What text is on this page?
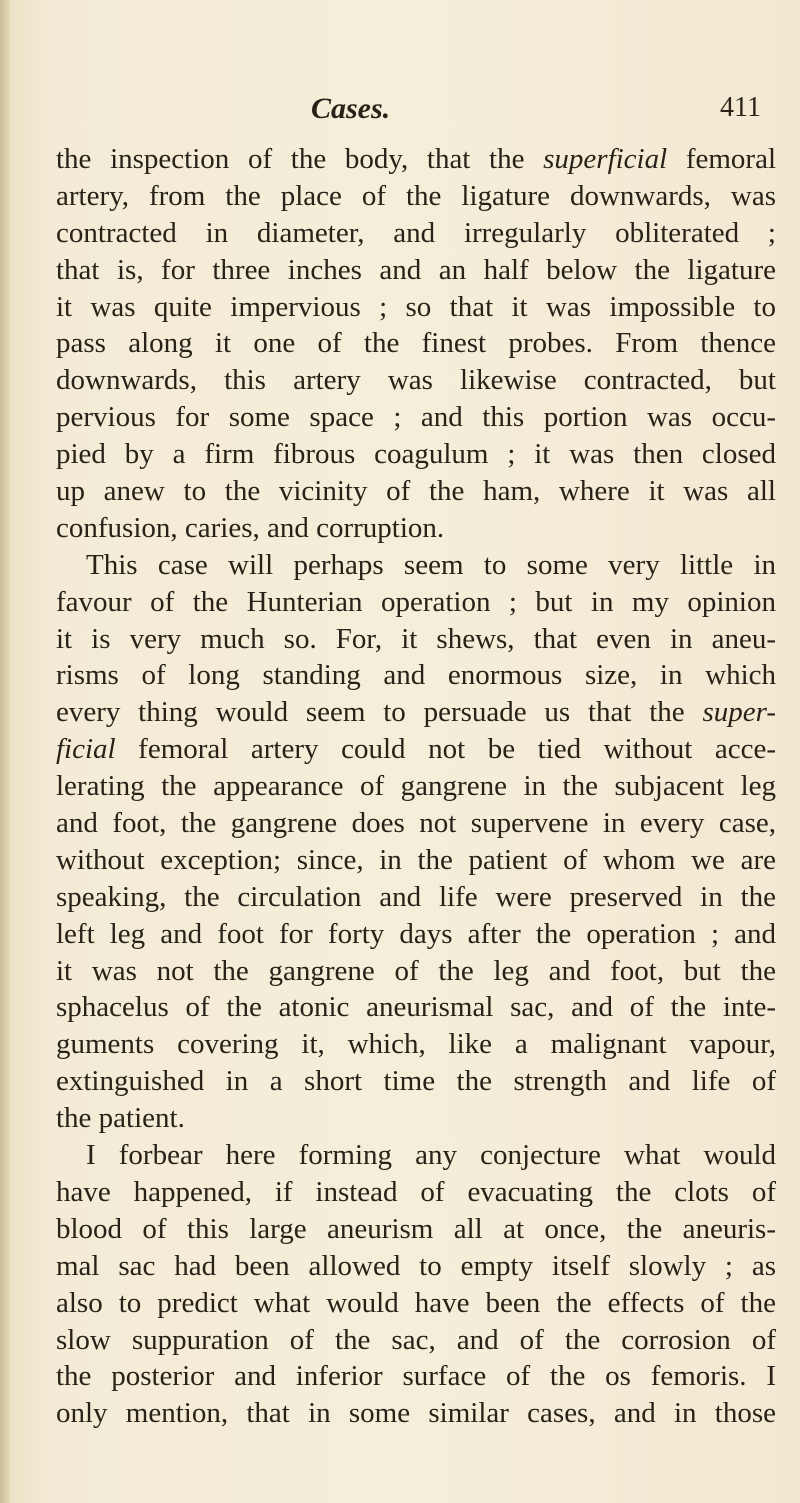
Cases.	411
the inspection of the body, that the superficial femoral
artery, from the place of the ligature downwards, was
contracted in diameter, and irregularly obliterated ;
that is, for three inches and an half below the ligature
it was quite impervious ; so that it was impossible to
pass along it one of the finest probes. From thence
downwards, this artery was likewise contracted, but
pervious for some space ; and this portion was occu-
pied by a firm fibrous coagulum ; it was then closed
up anew to the vicinity of the ham, where it was all
confusion, caries, and corruption.
This case will perhaps seem to some very little in
favour of the Hunterian operation ; but in my opinion
it is very much so. For, it shews, that even in aneu-
risms of long standing and enormous size, in which
every thing would seem to persuade us that the super-
ficial femoral artery could not be tied without acce-
lerating the appearance of gangrene in the subjacent leg
and foot, the gangrene does not supervene in every case,
without exception; since, in the patient of whom we are
speaking, the circulation and life were preserved in the
left leg and foot for forty days after the operation ; and
it was not the gangrene of the leg and foot, but the
sphacelus of the atonic aneurismal sac, and of the inte-
guments covering it, which, like a malignant vapour,
extinguished in a short time the strength and life of
the patient.
I forbear here forming any conjecture what would
have happened, if instead of evacuating the clots of
blood of this large aneurism all at once, the aneuris-
mal sac had been allowed to empty itself slowly ; as
also to predict what would have been the effects of the
slow suppuration of the sac, and of the corrosion of
the posterior and inferior surface of the os femoris. I
only mention, that in some similar cases, and in those
